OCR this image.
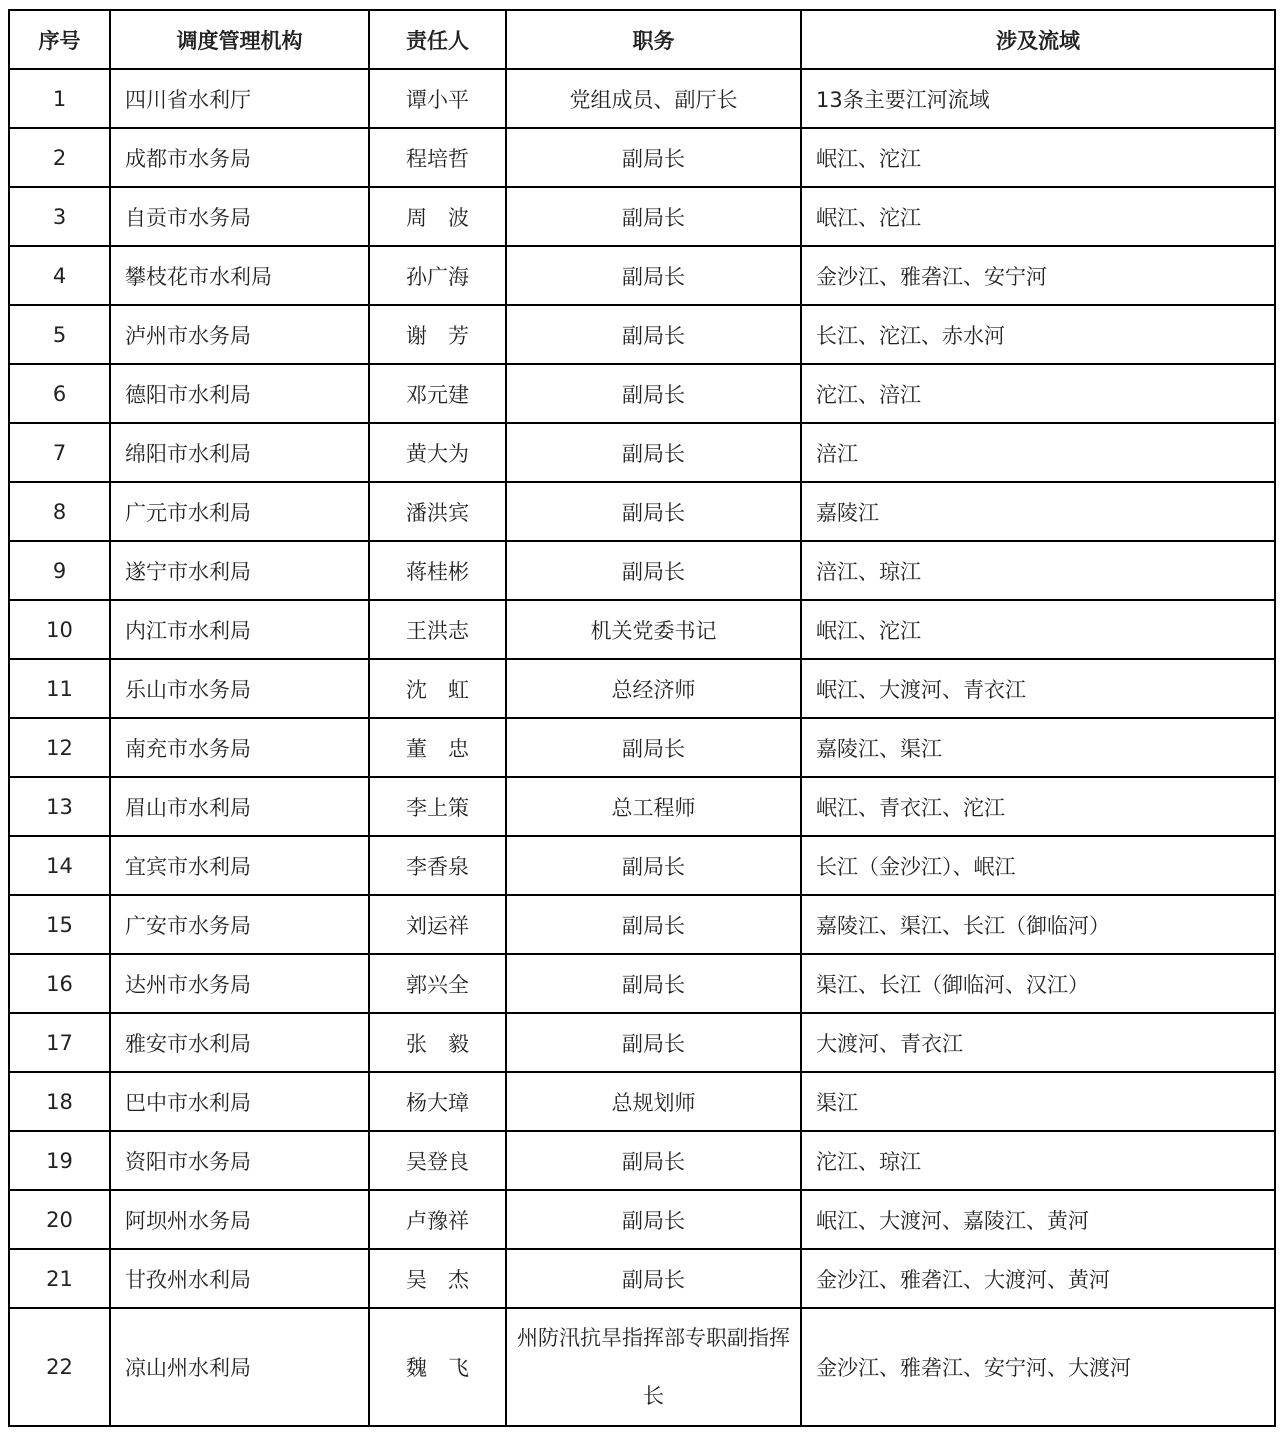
序号	调度管理机构	责任人	职务	涉及流域
1	四川省水利厅	谭小平	党组成员、副厅长	13条主要江河流域
2	成都市水务局	程培哲	副局长	岷江、沱江
3	自贡市水务局	周　波	副局长	岷江、沱江
4	攀枝花市水利局	孙广海	副局长	金沙江、雅砻江、安宁河
5	泸州市水务局	谢　芳	副局长	长江、沱江、赤水河
6	德阳市水利局	邓元建	副局长	沱江、涪江
7	绵阳市水利局	黄大为	副局长	涪江
8	广元市水利局	潘洪宾	副局长	嘉陵江
9	遂宁市水利局	蒋桂彬	副局长	涪江、琼江
10	内江市水利局	王洪志	机关党委书记	岷江、沱江
11	乐山市水务局	沈　虹	总经济师	岷江、大渡河、青衣江
12	南充市水务局	董　忠	副局长	嘉陵江、渠江
13	眉山市水利局	李上策	总工程师	岷江、青衣江、沱江
14	宜宾市水利局	李香泉	副局长	长江（金沙江）、岷江
15	广安市水务局	刘运祥	副局长	嘉陵江、渠江、长江（御临河）
16	达州市水务局	郭兴全	副局长	渠江、长江（御临河、汉江）
17	雅安市水利局	张　毅	副局长	大渡河、青衣江
18	巴中市水利局	杨大璋	总规划师	渠江
19	资阳市水务局	吴登良	副局长	沱江、琼江
20	阿坝州水务局	卢豫祥	副局长	岷江、大渡河、嘉陵江、黄河
21	甘孜州水利局	吴　杰	副局长	金沙江、雅砻江、大渡河、黄河
22	凉山州水利局	魏　飞	州防汛抗旱指挥部专职副指挥长	金沙江、雅砻江、安宁河、大渡河
